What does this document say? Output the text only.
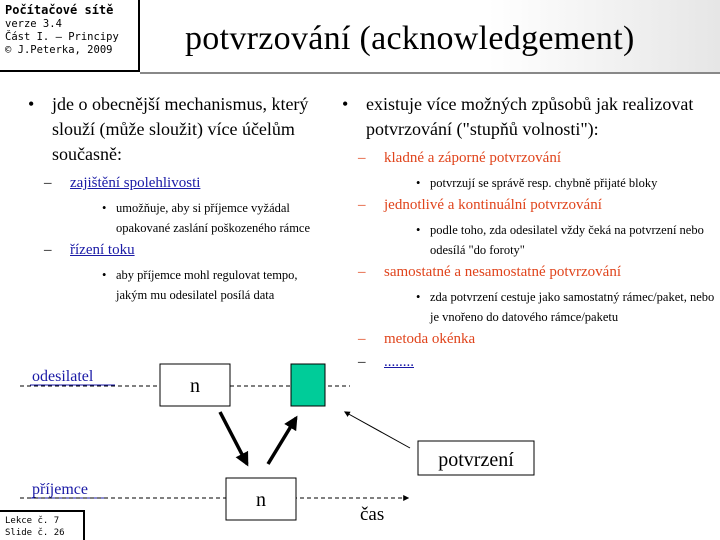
Počítačové sítě
verze 3.4
Část I. – Principy
© J.Peterka, 2009	potvrzování (acknowledgement)
• jde o obecnější mechanismus, který slouží (může sloužit) více účelům současně:
– zajištění spolehlivosti
• umožňuje, aby si příjemce vyžádal opakované zaslání poškozeného rámce
– řízení toku
• aby příjemce mohl regulovat tempo, jakým mu odesilatel posílá data
• existuje více možných způsobů jak realizovat potvrzování ("stupňů volnosti"):
– kladné a záporné potvrzování
• potvrzují se správě resp. chybně přijaté bloky
– jednotlivé a kontinuální potvrzování
• podle toho, zda odesilatel vždy čeká na potvrzení nebo odesílá "do foroty"
– samostatné a nesamostatné potvrzování
• zda potvrzení cestuje jako samostatný rámec/paket, nebo je vnořeno do datového rámce/paketu
– metoda okénka
– ........
odesilatel
příjemce
n
n
potvrzení
čas
Lekce č. 7
Slide č. 26
